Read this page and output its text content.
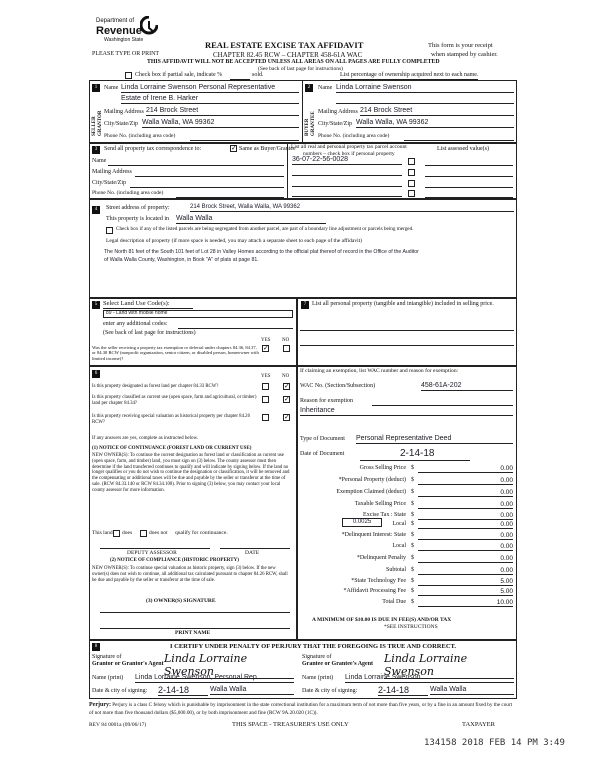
Department of
Revenue
Washington State	REAL ESTATE EXCISE TAX AFFIDAVIT
CHAPTER 82.45 RCW – CHAPTER 458-61A WAC
PLEASE TYPE OR PRINT
This form is your receipt
when stamped by cashier.
THIS AFFIDAVIT WILL NOT BE ACCEPTED UNLESS ALL AREAS ON ALL PAGES ARE FULLY COMPLETED
(See back of last page for instructions)
Check box if partial sale, indicate %	sold.	List percentage of ownership acquired next to each name.
1
SELLER GRANTOR
Name Linda Lorraine Swenson Personal Representative
Estate of Irene B. Harker
Mailing Address 214 Brock Street
City/State/Zip Walla Walla, WA 99362
Phone No. (including area code)
2
BUYER GRANTEE
Name Linda Lorraine Swenson
Mailing Address 214 Brock Street
City/State/Zip Walla Walla, WA 99362
Phone No. (including area code)
3	Send all property tax correspondence to:	✓ Same as Buyer/Grantee
Name
Mailing Address
City/State/Zip
Phone No. (including area code)
List all real and personal property tax parcel account
numbers – check box if personal property
List assessed value(s)
36-07-22-56-0028
4	Street address of property:	214 Brock Street, Walla Walla, WA 99362
This property is located in Walla Walla
Check box if any of the listed parcels are being segregated from another parcel, are part of a boundary line adjustment or parcels being merged.
Legal description of property (if more space is needed, you may attach a separate sheet to each page of the affidavit)
The North 81 feet of the South 101 feet of Lot 28 in Valley Homes according to the official plat thereof of record in the Office of the Auditor
of Walla Walla County, Washington, in Book "A" of plats at page 81.
5 Select Land Use Code(s):
89 - Land with mobile home
enter any additional codes:
(See back of last page for instructions)
YES NO
Was the seller receiving a property tax exemption or deferral under chapters 84.36, 84.37, or 84.38 RCW (nonprofit organization, senior citizen, or disabled person, homeowner with limited income)?
✓
7 List all personal property (tangible and intangible) included in selling price.
6
YES NO
Is this property designated as forest land per chapter 84.33 RCW?	✓
Is this property classified as current use (open space, farm and agricultural, or timber) land per chapter 84.34?
✓
Is this property receiving special valuation as historical property per chapter 84.26 RCW?
✓
If any answers are yes, complete as instructed below.
(1) NOTICE OF CONTINUANCE (FOREST LAND OR CURRENT USE)
NEW OWNER(S): To continue the current designation as forest land or classification as current use (open space, farm, and timber) land, you must sign on (3) below. The county assessor must then determine if the land transferred continues to qualify and will indicate by signing below. If the land no longer qualifies or you do not wish to continue the designation or classification, it will be removed and the compensating or additional taxes will be due and payable by the seller or transferor at the time of sale. (RCW 84.33.140 or RCW 84.34.108). Prior to signing (3) below, you may contact your local county assessor for more information.
This land does	does not qualify for continuance.
DEPUTY ASSESSOR	DATE
(2) NOTICE OF COMPLIANCE (HISTORIC PROPERTY)
NEW OWNER(S): To continue special valuation as historic property, sign (3) below. If the new owner(s) does not wish to continue, all additional tax calculated pursuant to chapter 84.26 RCW, shall be due and payable by the seller or transferor at the time of sale.
(3) OWNER(S) SIGNATURE
PRINT NAME
If claiming an exemption, list WAC number and reason for exemption:
WAC No. (Section/Subsection)	458-61A-202
Reason for exemption
Inheritance
Type of Document Personal Representative Deed
Date of Document	2-14-18
Gross Selling Price $	0.00
*Personal Property (deduct) $	0.00
Exemption Claimed (deduct) $	0.00
Taxable Selling Price $	0.00
Excise Tax : State $	0.00
0.0025	Local $	0.00
*Delinquent Interest: State $	0.00
Local $	0.00
*Delinquent Penalty $	0.00
Subtotal $	0.00
*State Technology Fee $	5.00
*Affidavit Processing Fee $	5.00
Total Due $	10.00
A MINIMUM OF $10.00 IS DUE IN FEE(S) AND/OR TAX
*SEE INSTRUCTIONS
8	I CERTIFY UNDER PENALTY OF PERJURY THAT THE FOREGOING IS TRUE AND CORRECT.
Signature of
Grantor or Grantor's Agent Linda Lorraine Swenson
Name (print) Linda Lorraine Swenson, Personal Rep.
Date & city of signing: 2-14-18	Walla Walla
Signature of
Grantee or Grantee's Agent Linda Lorraine Swenson
Name (print) Linda Lorraine Swenson
Date & city of signing: 2-14-18	Walla Walla
Perjury: Perjury is a class C felony which is punishable by imprisonment in the state correctional institution for a maximum term of not more than five years, or by a fine in an amount fixed by the court of not more than five thousand dollars ($5,000.00), or by both imprisonment and fine (RCW 9A.20.020 (1C)).
REV 84 0001a (09/06/17)	THIS SPACE - TREASURER'S USE ONLY	TAXPAYER
134158 2018 FEB 14 PM 3:49
